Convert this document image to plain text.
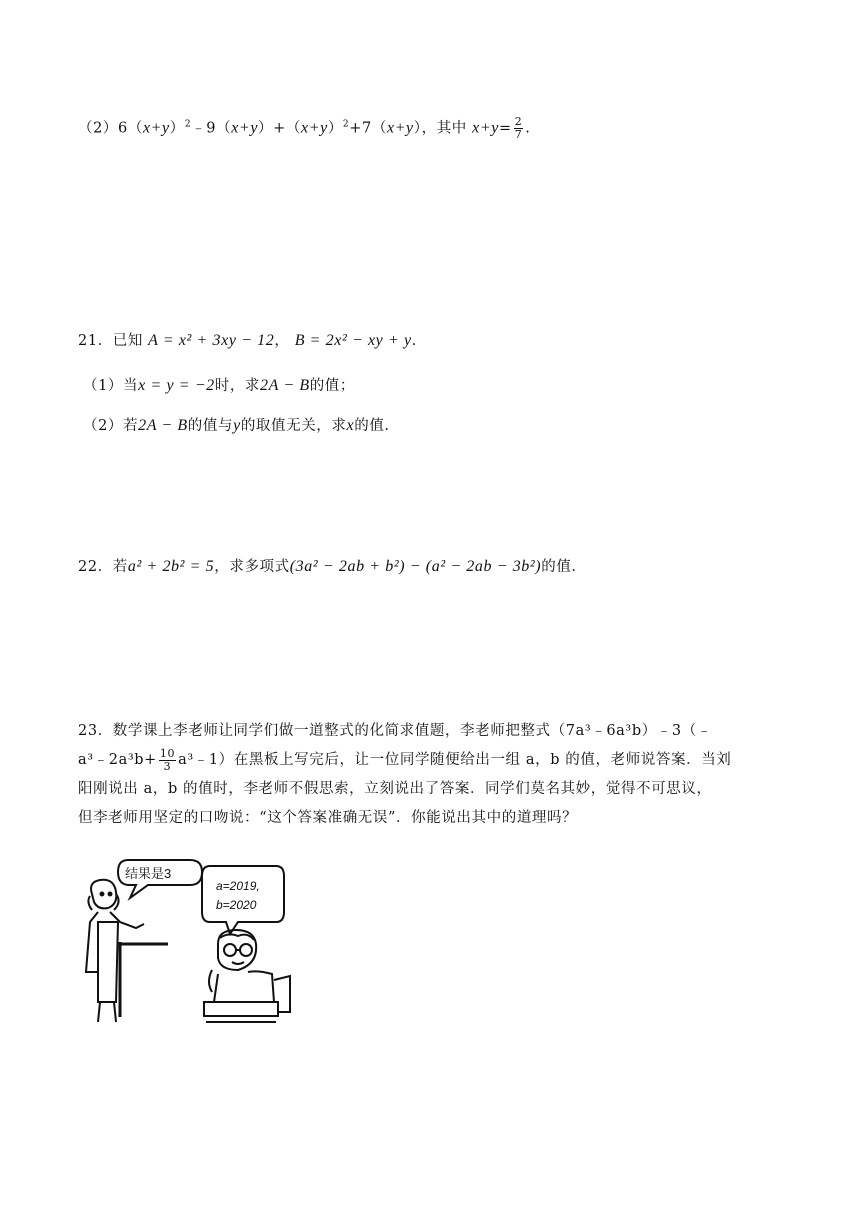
$(2)6(x+y)^2﹣9(x+y)+(x+y)^2+7(x+y)$，其中 $x+y= \frac{2}{7}$ .
21．已知 A = x² + 3xy − 12， B = 2x² − xy + y.
（1）当x = y = −2时，求2A − B的值；
（2）若2A − B的值与y的取值无关，求x的值.
22．若a² + 2b² = 5，求多项式(3a² − 2ab + b²) − (a² − 2ab − 3b²)的值.
23．数学课上李老师让同学们做一道整式的化简求值题，李老师把整式（7a³﹣6a³b）﹣3（﹣
a³﹣2a³b+ $\frac{10}{3}$ a³﹣1）在黑板上写完后，让一位同学随便给出一组 a，b 的值，老师说答案．当刘
阳刚说出 a，b 的值时，李老师不假思索，立刻说出了答案．同学们莫名其妙，觉得不可思议，
但李老师用坚定的口吻说：“这个答案准确无误”．你能说出其中的道理吗？
结果是3
a=2019,
b=2020
